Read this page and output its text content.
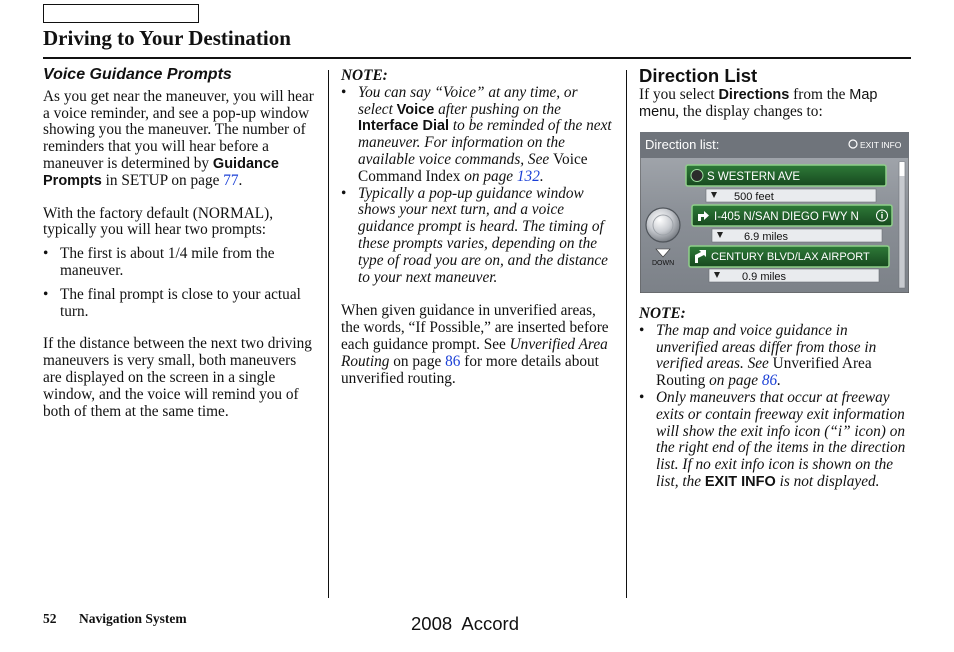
Driving to Your Destination
Voice Guidance Prompts

As you get near the maneuver, you will hear a voice reminder, and see a pop-up window showing you the maneuver. The number of reminders that you will hear before a maneuver is determined by Guidance Prompts in SETUP on page 77.

With the factory default (NORMAL), typically you will hear two prompts:

• The first is about 1/4 mile from the maneuver.
• The final prompt is close to your actual turn.

If the distance between the next two driving maneuvers is very small, both maneuvers are displayed on the screen in a single window, and the voice will remind you of both of them at the same time.

NOTE:
• You can say “Voice” at any time, or select Voice after pushing on the Interface Dial to be reminded of the next maneuver. For information on the available voice commands, See Voice Command Index on page 132.
• Typically a pop-up guidance window shows your next turn, and a voice guidance prompt is heard. The timing of these prompts varies, depending on the type of road you are on, and the distance to your next maneuver.

When given guidance in unverified areas, the words, “If Possible,” are inserted before each guidance prompt. See Unverified Area Routing on page 86 for more details about unverified routing.

Direction List

If you select Directions from the Map menu, the display changes to:

Direction list:	EXIT INFO
DOWN
S WESTERN AVE
500 feet
I-405 N/SAN DIEGO FWY N
6.9 miles
CENTURY BLVD/LAX AIRPORT
0.9 miles
NOTE:
• The map and voice guidance in unverified areas differ from those in verified areas. See Unverified Area Routing on page 86.
• Only maneuvers that occur at freeway exits or contain freeway exit information will show the exit info icon (“i” icon) on the right end of the items in the direction list. If no exit info icon is shown on the list, the EXIT INFO is not displayed.
52 Navigation System	2008  Accord
